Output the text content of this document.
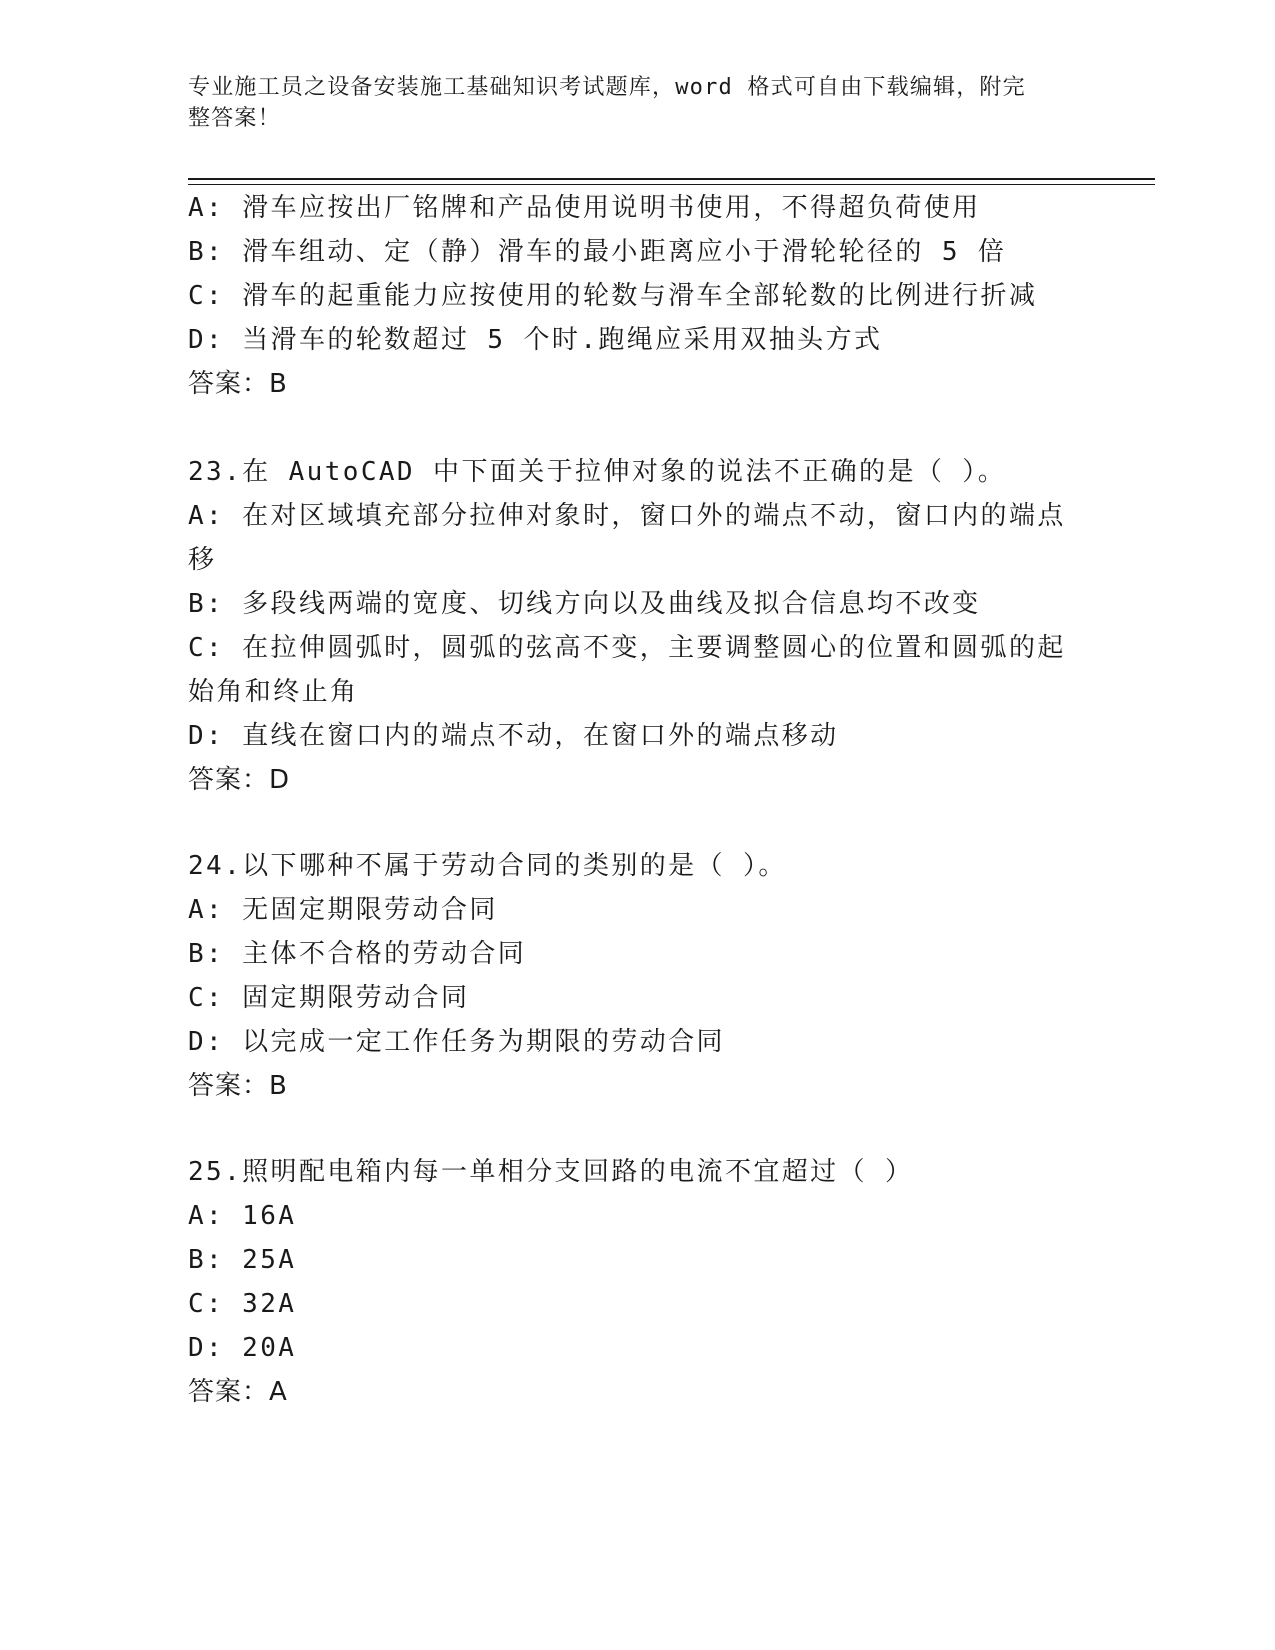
专业施工员之设备安装施工基础知识考试题库，word 格式可自由下载编辑，附完
整答案！
A: 滑车应按出厂铭牌和产品使用说明书使用，不得超负荷使用
B: 滑车组动、定（静）滑车的最小距离应小于滑轮轮径的 5 倍
C: 滑车的起重能力应按使用的轮数与滑车全部轮数的比例进行折减
D: 当滑车的轮数超过 5 个时.跑绳应采用双抽头方式
答案：B
23.在 AutoCAD 中下面关于拉伸对象的说法不正确的是（ ）。
A: 在对区域填充部分拉伸对象时，窗口外的端点不动，窗口内的端点
移
B: 多段线两端的宽度、切线方向以及曲线及拟合信息均不改变
C: 在拉伸圆弧时，圆弧的弦高不变，主要调整圆心的位置和圆弧的起
始角和终止角
D: 直线在窗口内的端点不动，在窗口外的端点移动
答案：D
24.以下哪种不属于劳动合同的类别的是（ ）。
A: 无固定期限劳动合同
B: 主体不合格的劳动合同
C: 固定期限劳动合同
D: 以完成一定工作任务为期限的劳动合同
答案：B
25.照明配电箱内每一单相分支回路的电流不宜超过（ ）
A: 16A
B: 25A
C: 32A
D: 20A
答案：A
